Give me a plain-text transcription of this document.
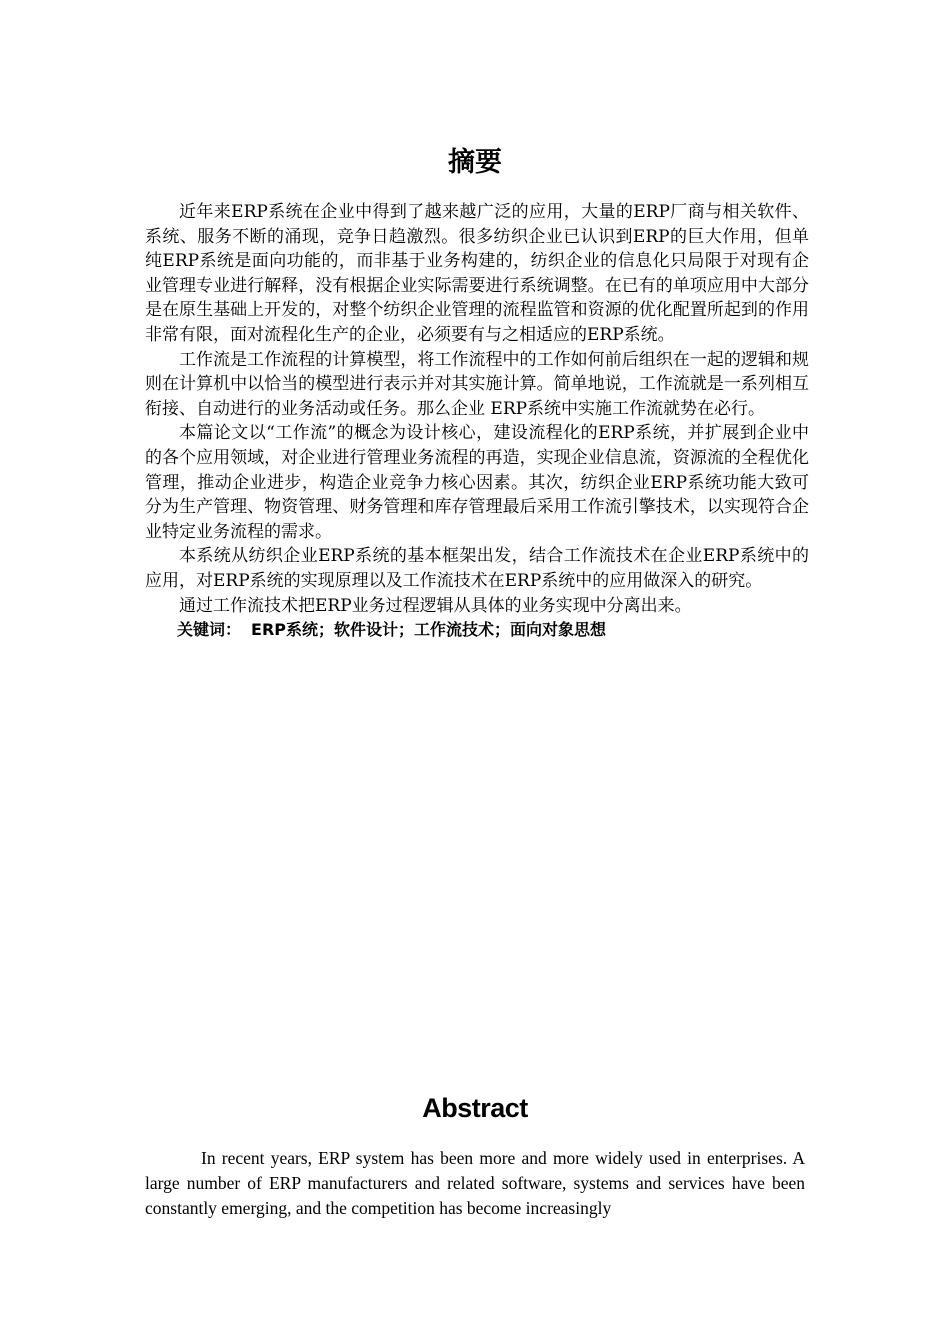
摘要

近年来ERP系统在企业中得到了越来越广泛的应用，大量的ERP厂商与相关软件、系统、服务不断的涌现，竞争日趋激烈。很多纺织企业已认识到ERP的巨大作用，但单纯ERP系统是面向功能的，而非基于业务构建的，纺织企业的信息化只局限于对现有企业管理专业进行解释，没有根据企业实际需要进行系统调整。在已有的单项应用中大部分是在原生基础上开发的，对整个纺织企业管理的流程监管和资源的优化配置所起到的作用非常有限，面对流程化生产的企业，必须要有与之相适应的ERP系统。

工作流是工作流程的计算模型，将工作流程中的工作如何前后组织在一起的逻辑和规则在计算机中以恰当的模型进行表示并对其实施计算。简单地说，工作流就是一系列相互衔接、自动进行的业务活动或任务。那么企业 ERP系统中实施工作流就势在必行。

本篇论文以“工作流”的概念为设计核心，建设流程化的ERP系统，并扩展到企业中的各个应用领域，对企业进行管理业务流程的再造，实现企业信息流，资源流的全程优化管理，推动企业进步，构造企业竞争力核心因素。其次，纺织企业ERP系统功能大致可分为生产管理、物资管理、财务管理和库存管理最后采用工作流引擎技术，以实现符合企业特定业务流程的需求。

本系统从纺织企业ERP系统的基本框架出发，结合工作流技术在企业ERP系统中的应用，对ERP系统的实现原理以及工作流技术在ERP系统中的应用做深入的研究。

通过工作流技术把ERP业务过程逻辑从具体的业务实现中分离出来。

关键词： ERP系统；软件设计；工作流技术；面向对象思想
Abstract

In recent years, ERP system has been more and more widely used in enterprises. A large number of ERP manufacturers and related software, systems and services have been constantly emerging, and the competition has become increasingly
